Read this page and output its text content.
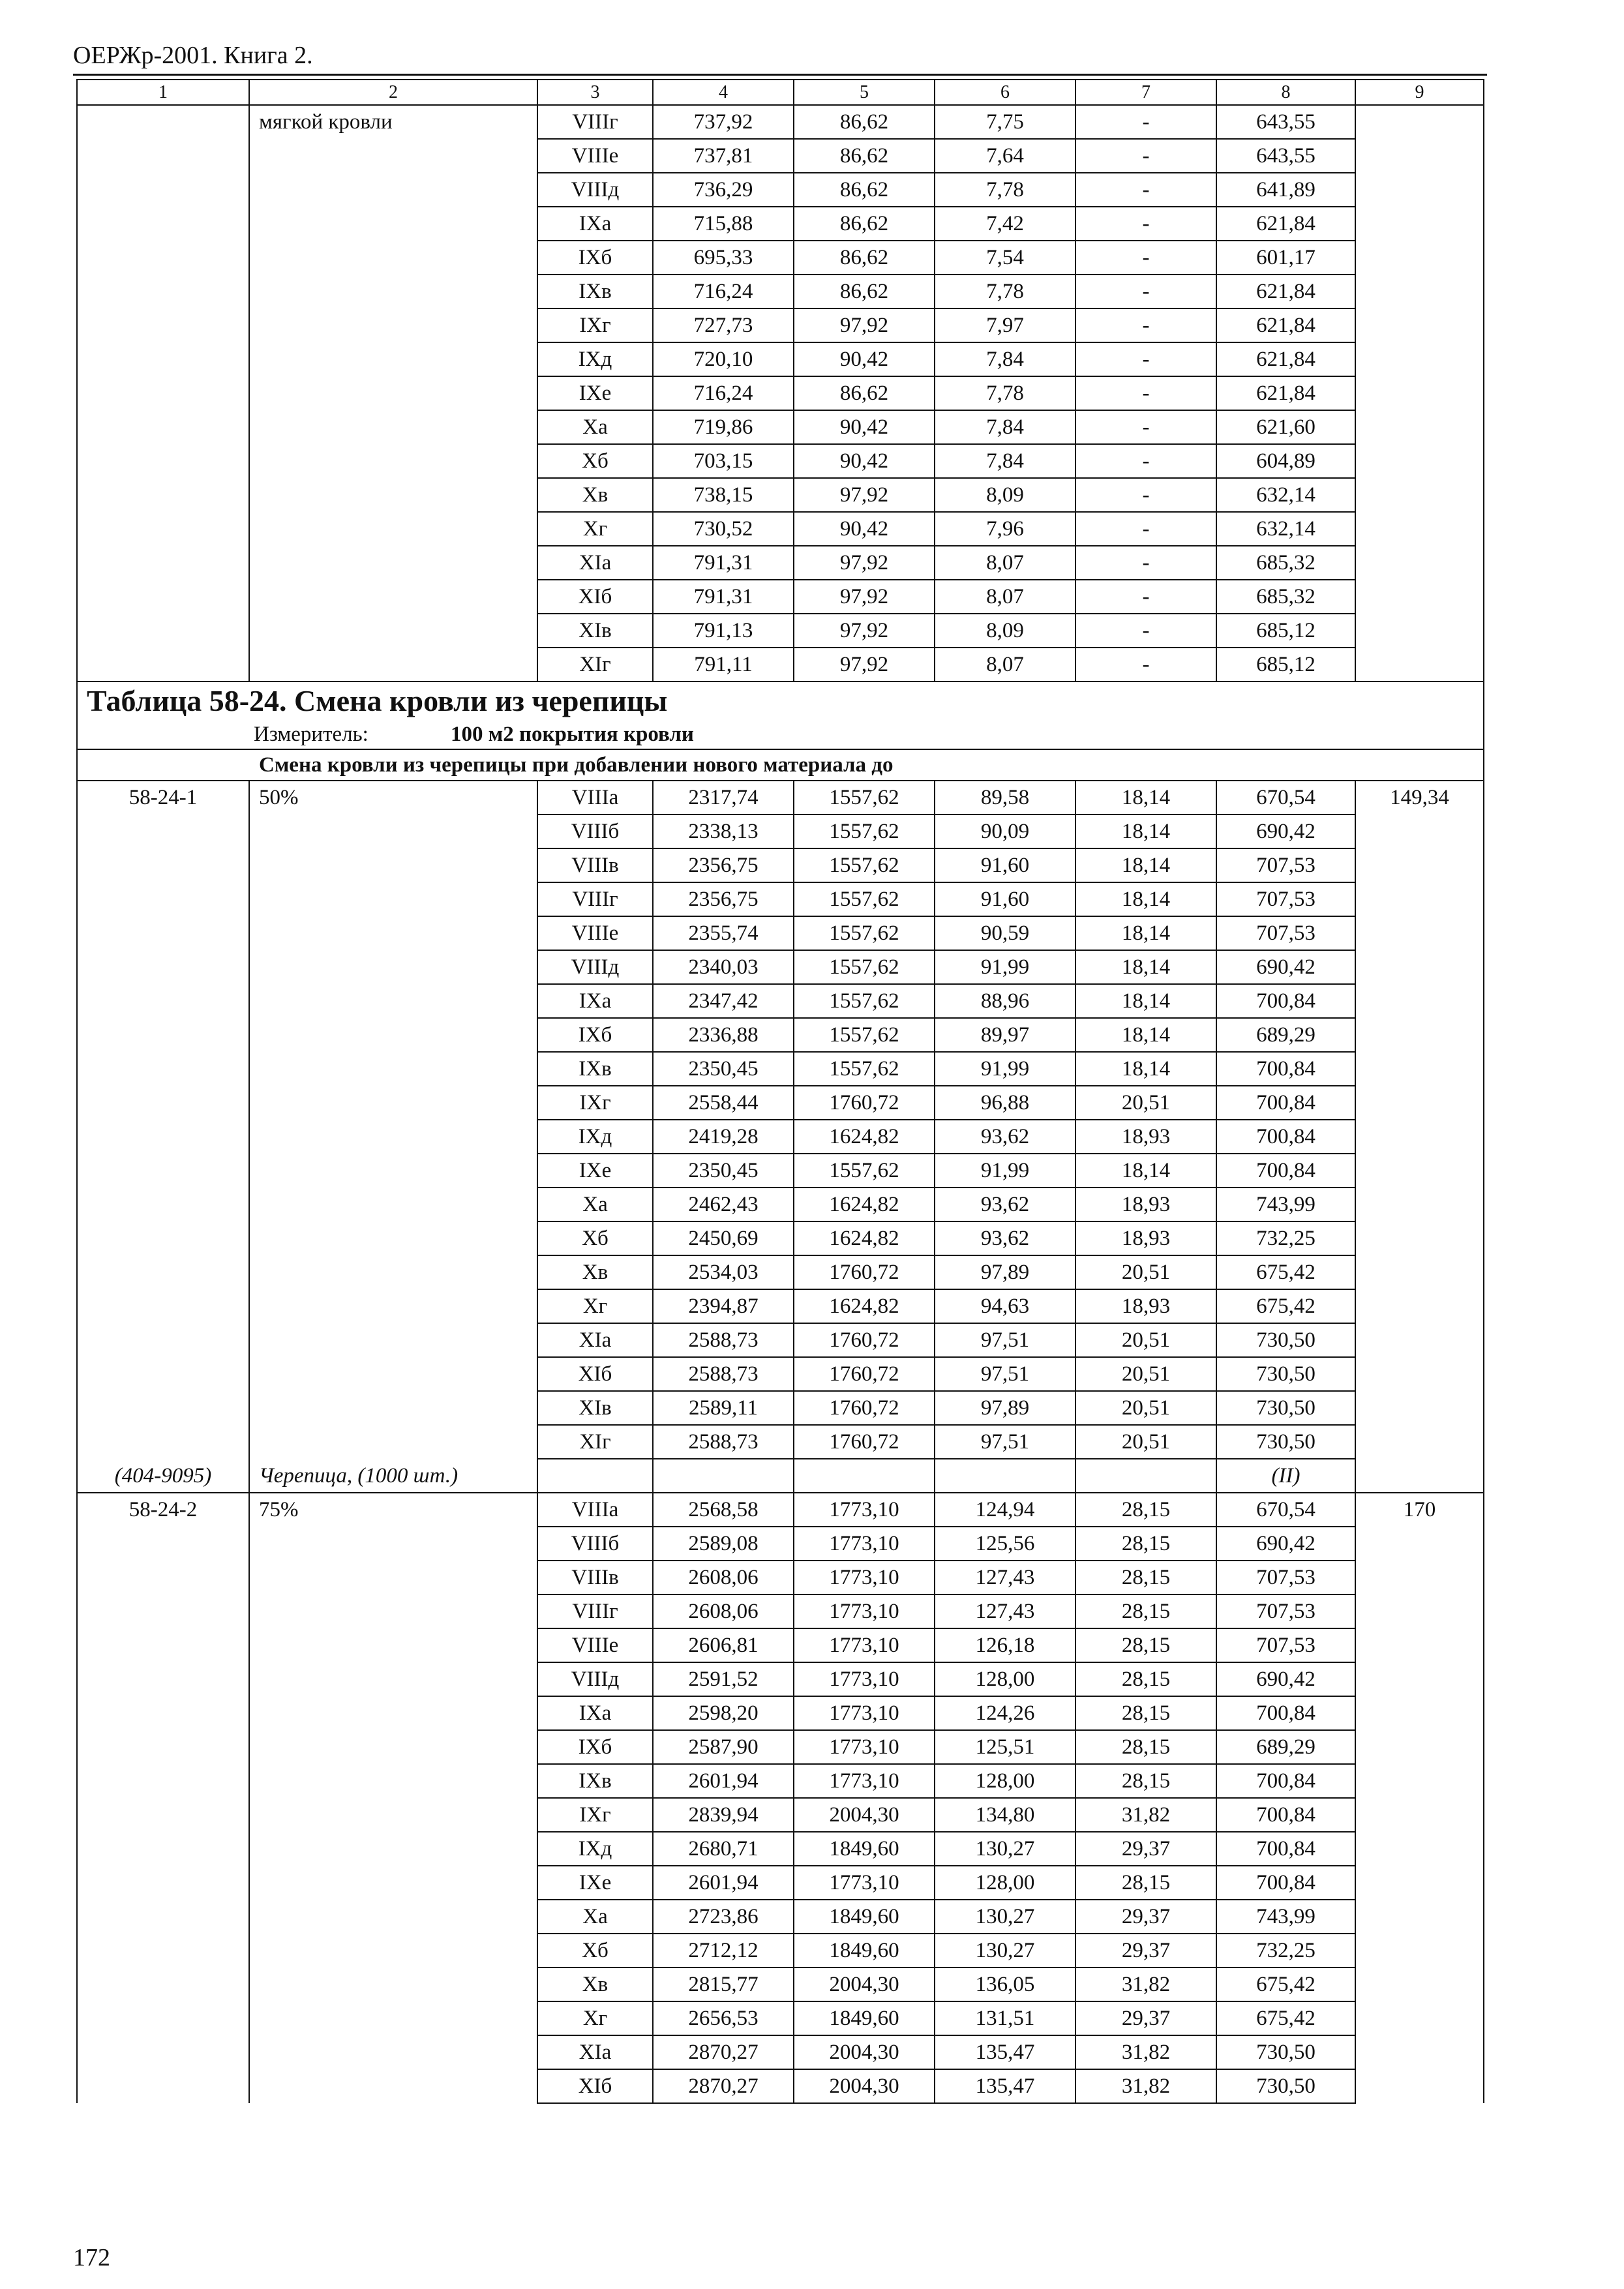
ОЕРЖр-2001. Книга 2.
1	2	3	4	5	6	7	8	9
	мягкой кровли	VIIIг	737,92	86,62	7,75	-	643,55	
		VIIIе	737,81	86,62	7,64	-	643,55	
		VIIIд	736,29	86,62	7,78	-	641,89	
		IXа	715,88	86,62	7,42	-	621,84	
		IXб	695,33	86,62	7,54	-	601,17	
		IXв	716,24	86,62	7,78	-	621,84	
		IXг	727,73	97,92	7,97	-	621,84	
		IXд	720,10	90,42	7,84	-	621,84	
		IXе	716,24	86,62	7,78	-	621,84	
		Xа	719,86	90,42	7,84	-	621,60	
		Xб	703,15	90,42	7,84	-	604,89	
		Xв	738,15	97,92	8,09	-	632,14	
		Xг	730,52	90,42	7,96	-	632,14	
		XIа	791,31	97,92	8,07	-	685,32	
		XIб	791,31	97,92	8,07	-	685,32	
		XIв	791,13	97,92	8,09	-	685,12	
		XIг	791,11	97,92	8,07	-	685,12	
Таблица 58-24. Смена кровли из черепицы								
Измеритель: 100 м2 покрытия кровли								
Смена кровли из черепицы при добавлении нового материала до								
58-24-1	50%	VIIIа	2317,74	1557,62	89,58	18,14	670,54	149,34
		VIIIб	2338,13	1557,62	90,09	18,14	690,42	
		VIIIв	2356,75	1557,62	91,60	18,14	707,53	
		VIIIг	2356,75	1557,62	91,60	18,14	707,53	
		VIIIе	2355,74	1557,62	90,59	18,14	707,53	
		VIIIд	2340,03	1557,62	91,99	18,14	690,42	
		IXа	2347,42	1557,62	88,96	18,14	700,84	
		IXб	2336,88	1557,62	89,97	18,14	689,29	
		IXв	2350,45	1557,62	91,99	18,14	700,84	
		IXг	2558,44	1760,72	96,88	20,51	700,84	
		IXд	2419,28	1624,82	93,62	18,93	700,84	
		IXе	2350,45	1557,62	91,99	18,14	700,84	
		Xа	2462,43	1624,82	93,62	18,93	743,99	
		Xб	2450,69	1624,82	93,62	18,93	732,25	
		Xв	2534,03	1760,72	97,89	20,51	675,42	
		Xг	2394,87	1624,82	94,63	18,93	675,42	
		XIа	2588,73	1760,72	97,51	20,51	730,50	
		XIб	2588,73	1760,72	97,51	20,51	730,50	
		XIв	2589,11	1760,72	97,89	20,51	730,50	
		XIг	2588,73	1760,72	97,51	20,51	730,50	
(404-9095)	Черепица, (1000 шт.)						(II)	
58-24-2	75%	VIIIа	2568,58	1773,10	124,94	28,15	670,54	170
		VIIIб	2589,08	1773,10	125,56	28,15	690,42	
		VIIIв	2608,06	1773,10	127,43	28,15	707,53	
		VIIIг	2608,06	1773,10	127,43	28,15	707,53	
		VIIIе	2606,81	1773,10	126,18	28,15	707,53	
		VIIIд	2591,52	1773,10	128,00	28,15	690,42	
		IXа	2598,20	1773,10	124,26	28,15	700,84	
		IXб	2587,90	1773,10	125,51	28,15	689,29	
		IXв	2601,94	1773,10	128,00	28,15	700,84	
		IXг	2839,94	2004,30	134,80	31,82	700,84	
		IXд	2680,71	1849,60	130,27	29,37	700,84	
		IXе	2601,94	1773,10	128,00	28,15	700,84	
		Xа	2723,86	1849,60	130,27	29,37	743,99	
		Xб	2712,12	1849,60	130,27	29,37	732,25	
		Xв	2815,77	2004,30	136,05	31,82	675,42	
		Xг	2656,53	1849,60	131,51	29,37	675,42	
		XIа	2870,27	2004,30	135,47	31,82	730,50	
		XIб	2870,27	2004,30	135,47	31,82	730,50	
172
